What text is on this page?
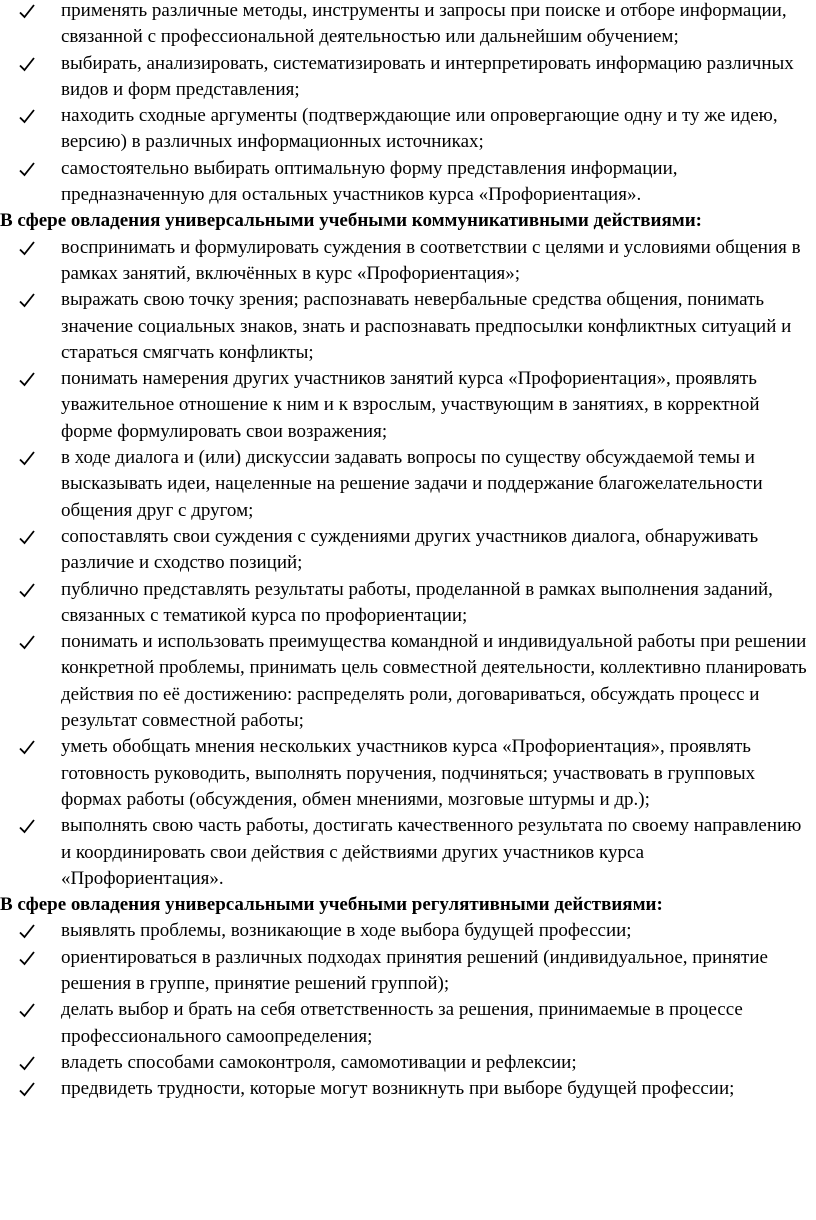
применять различные методы, инструменты и запросы при поиске и отборе информации, связанной с профессиональной деятельностью или дальнейшим обучением;
выбирать, анализировать, систематизировать и интерпретировать информацию различных видов и форм представления;
находить сходные аргументы (подтверждающие или опровергающие одну и ту же идею, версию) в различных информационных источниках;
самостоятельно выбирать оптимальную форму представления информации, предназначенную для остальных участников курса «Профориентация».

В сфере овладения универсальными учебными коммуникативными действиями:

воспринимать и формулировать суждения в соответствии с целями и условиями общения в рамках занятий, включённых в курс «Профориентация»;
выражать свою точку зрения; распознавать невербальные средства общения, понимать значение социальных знаков, знать и распознавать предпосылки конфликтных ситуаций и стараться смягчать конфликты;
понимать намерения других участников занятий курса «Профориентация», проявлять уважительное отношение к ним и к взрослым, участвующим в занятиях, в корректной форме формулировать свои возражения;
в ходе диалога и (или) дискуссии задавать вопросы по существу обсуждаемой темы и высказывать идеи, нацеленные на решение задачи и поддержание благожелательности общения друг с другом;
сопоставлять свои суждения с суждениями других участников диалога, обнаруживать различие и сходство позиций;
публично представлять результаты работы, проделанной в рамках выполнения заданий, связанных с тематикой курса по профориентации;
понимать и использовать преимущества командной и индивидуальной работы при решении конкретной проблемы, принимать цель совместной деятельности, коллективно планировать действия по её достижению: распределять роли, договариваться, обсуждать процесс и результат совместной работы;
уметь обобщать мнения нескольких участников курса «Профориентация», проявлять готовность руководить, выполнять поручения, подчиняться; участвовать в групповых формах работы (обсуждения, обмен мнениями, мозговые штурмы и др.);
выполнять свою часть работы, достигать качественного результата по своему направлению и координировать свои действия с действиями других участников курса «Профориентация».

В сфере овладения универсальными учебными регулятивными действиями:

выявлять проблемы, возникающие в ходе выбора будущей профессии;
ориентироваться в различных подходах принятия решений (индивидуальное, принятие решения в группе, принятие решений группой);
делать выбор и брать на себя ответственность за решения, принимаемые в процессе профессионального самоопределения;
владеть способами самоконтроля, самомотивации и рефлексии;
предвидеть трудности, которые могут возникнуть при выборе будущей профессии;
